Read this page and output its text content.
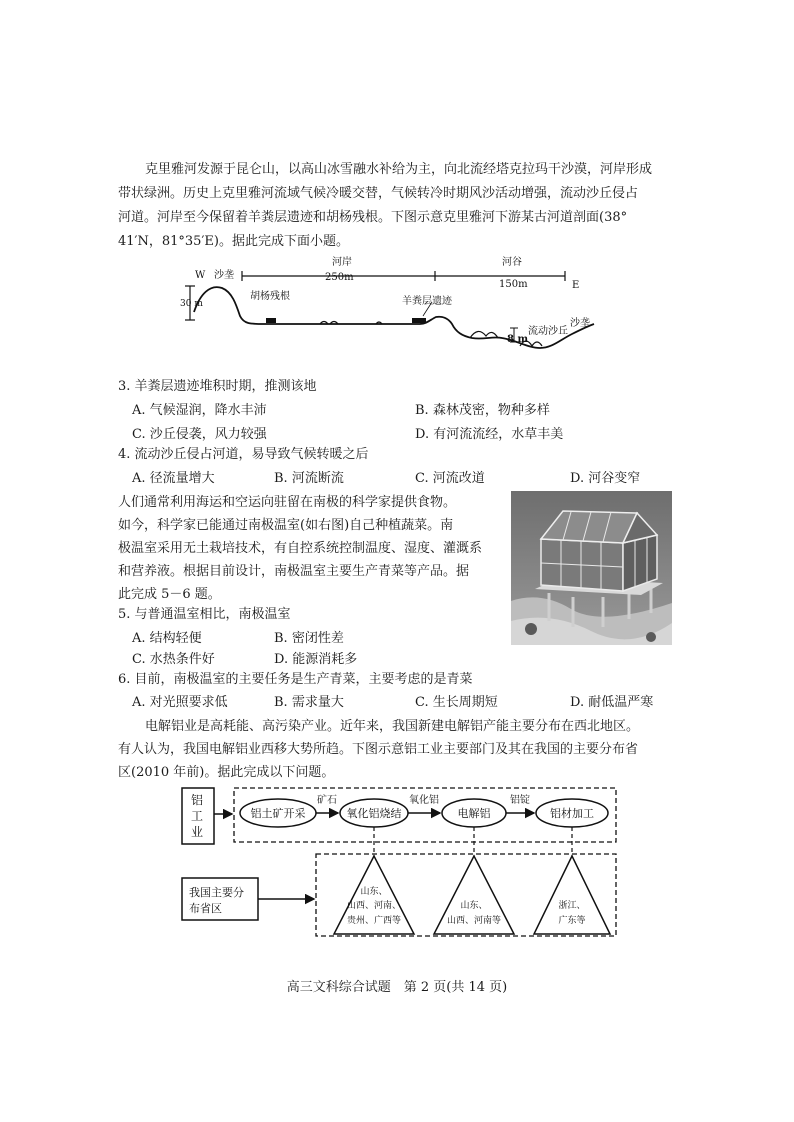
克里雅河发源于昆仑山，以高山冰雪融水补给为主，向北流经塔克拉玛干沙漠，河岸形成
带状绿洲。历史上克里雅河流域气候冷暖交替，气候转冷时期风沙活动增强，流动沙丘侵占
河道。河岸至今保留着羊粪层遗迹和胡杨残根。下图示意克里雅河下游某古河道剖面(38°
41′N，81°35′E)。据此完成下面小题。
W 沙垄
河岸
250m
河谷
150m	E
30 m
胡杨残根	羊粪层遗迹
8 m
流动沙丘
沙垄
3. 羊粪层遗迹堆积时期，推测该地
A. 气候湿润，降水丰沛	B. 森林茂密，物种多样
C. 沙丘侵袭，风力较强	D. 有河流流经，水草丰美
4. 流动沙丘侵占河道，易导致气候转暖之后
A. 径流量增大	B. 河流断流	C. 河流改道	D. 河谷变窄
人们通常利用海运和空运向驻留在南极的科学家提供食物。
如今，科学家已能通过南极温室(如右图)自己种植蔬菜。南
极温室采用无土栽培技术，有自控系统控制温度、湿度、灌溉系
和营养液。根据目前设计，南极温室主要生产青菜等产品。据
此完成 5－6 题。
5. 与普通温室相比，南极温室
A. 结构轻便	B. 密闭性差
C. 水热条件好	D. 能源消耗多
6. 目前，南极温室的主要任务是生产青菜，主要考虑的是青菜
A. 对光照要求低	B. 需求量大	C. 生长周期短	D. 耐低温严寒
电解铝业是高耗能、高污染产业。近年来，我国新建电解铝产能主要分布在西北地区。
有人认为，我国电解铝业西移大势所趋。下图示意铝工业主要部门及其在我国的主要分布省
区(2010 年前)。据此完成以下问题。
铝
工
业
铝土矿开采	氧化铝烧结	电解铝	铝材加工
矿石	氧化铝	铝锭
我国主要分
布省区
山东、
山西、河南、
贵州、广西等
山东、
山西、河南等
浙江、
广东等
高三文科综合试题　第 2 页(共 14 页)
